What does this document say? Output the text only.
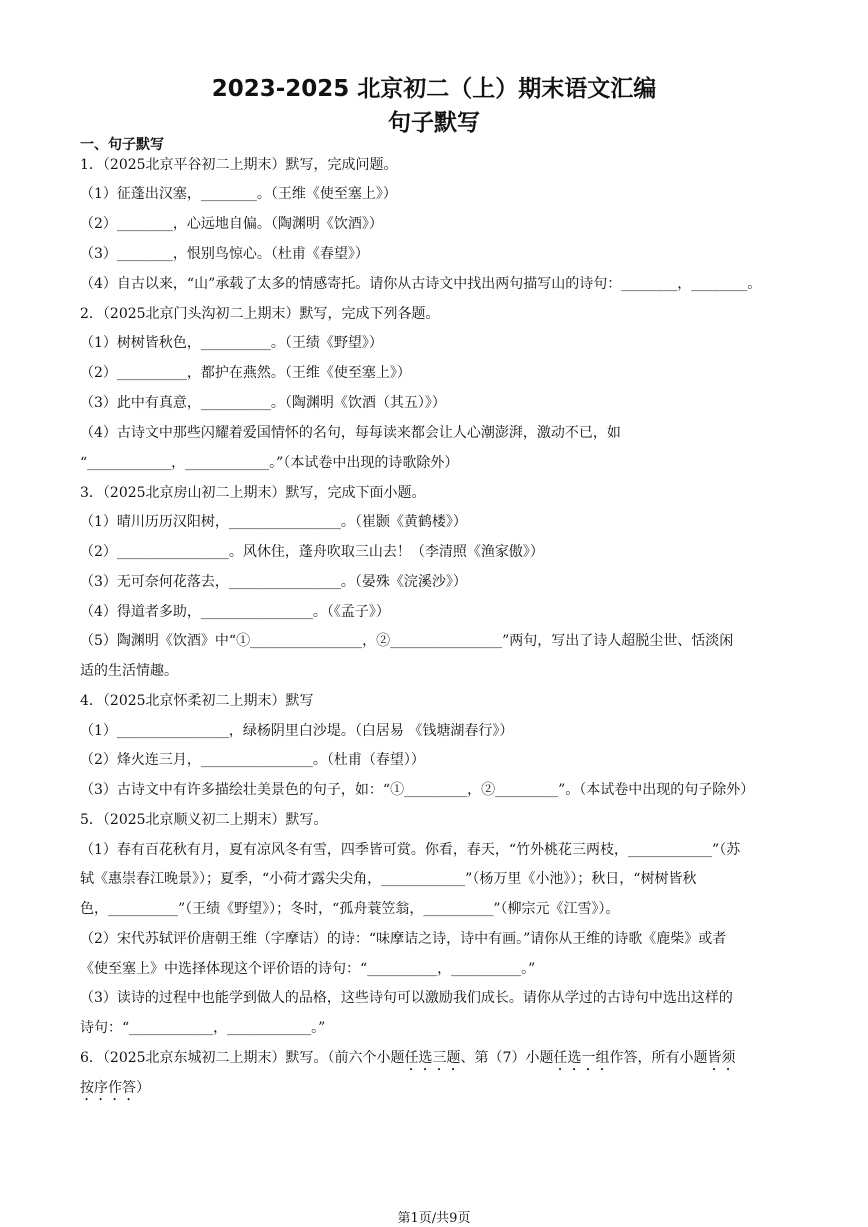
2023-2025 北京初二（上）期末语文汇编
句子默写
一、句子默写
1．（2025北京平谷初二上期末）默写，完成问题。
（1）征蓬出汉塞，________。（王维《使至塞上》）
（2）________，心远地自偏。（陶渊明《饮酒》）
（3）________，恨别鸟惊心。（杜甫《春望》）
（4）自古以来，“山”承载了太多的情感寄托。请你从古诗文中找出两句描写山的诗句：________，________。
2．（2025北京门头沟初二上期末）默写，完成下列各题。
（1）树树皆秋色，__________。（王绩《野望》）
（2）__________，都护在燕然。（王维《使至塞上》）
（3）此中有真意，__________。（陶渊明《饮酒（其五）》）
（4）古诗文中那些闪耀着爱国情怀的名句，每每读来都会让人心潮澎湃，激动不已，如
“____________，____________。”（本试卷中出现的诗歌除外）
3．（2025北京房山初二上期末）默写，完成下面小题。
（1）晴川历历汉阳树，________________。（崔颢《黄鹤楼》）
（2）________________。风休住，蓬舟吹取三山去！（李清照《渔家傲》）
（3）无可奈何花落去，________________。（晏殊《浣溪沙》）
（4）得道者多助，________________。（《孟子》）
（5）陶渊明《饮酒》中“①________________，②________________”两句，写出了诗人超脱尘世、恬淡闲
适的生活情趣。
4．（2025北京怀柔初二上期末）默写
（1）________________，绿杨阴里白沙堤。（白居易 《钱塘湖春行》）
（2）烽火连三月，________________。（杜甫（春望））
（3）古诗文中有许多描绘壮美景色的句子，如：“①_________，②_________”。（本试卷中出现的句子除外）
5．（2025北京顺义初二上期末）默写。
（1）春有百花秋有月，夏有凉风冬有雪，四季皆可赏。你看，春天，“竹外桃花三两枝，____________”（苏
轼《惠崇春江晚景》）；夏季，“小荷才露尖尖角，____________”（杨万里《小池》）；秋日，“树树皆秋
色，__________”（王绩《野望》）；冬时，“孤舟蓑笠翁，__________”（柳宗元《江雪》）。
（2）宋代苏轼评价唐朝王维（字摩诘）的诗：“味摩诘之诗，诗中有画。”请你从王维的诗歌《鹿柴》或者
《使至塞上》中选择体现这个评价语的诗句：“__________，__________。”
（3）读诗的过程中也能学到做人的品格，这些诗句可以激励我们成长。请你从学过的古诗句中选出这样的
诗句：“____________，____________。”
6．（2025北京东城初二上期末）默写。（前六个小题任选三题、第（7）小题任选一组作答，所有小题皆须
按序作答）
第1页/共9页
